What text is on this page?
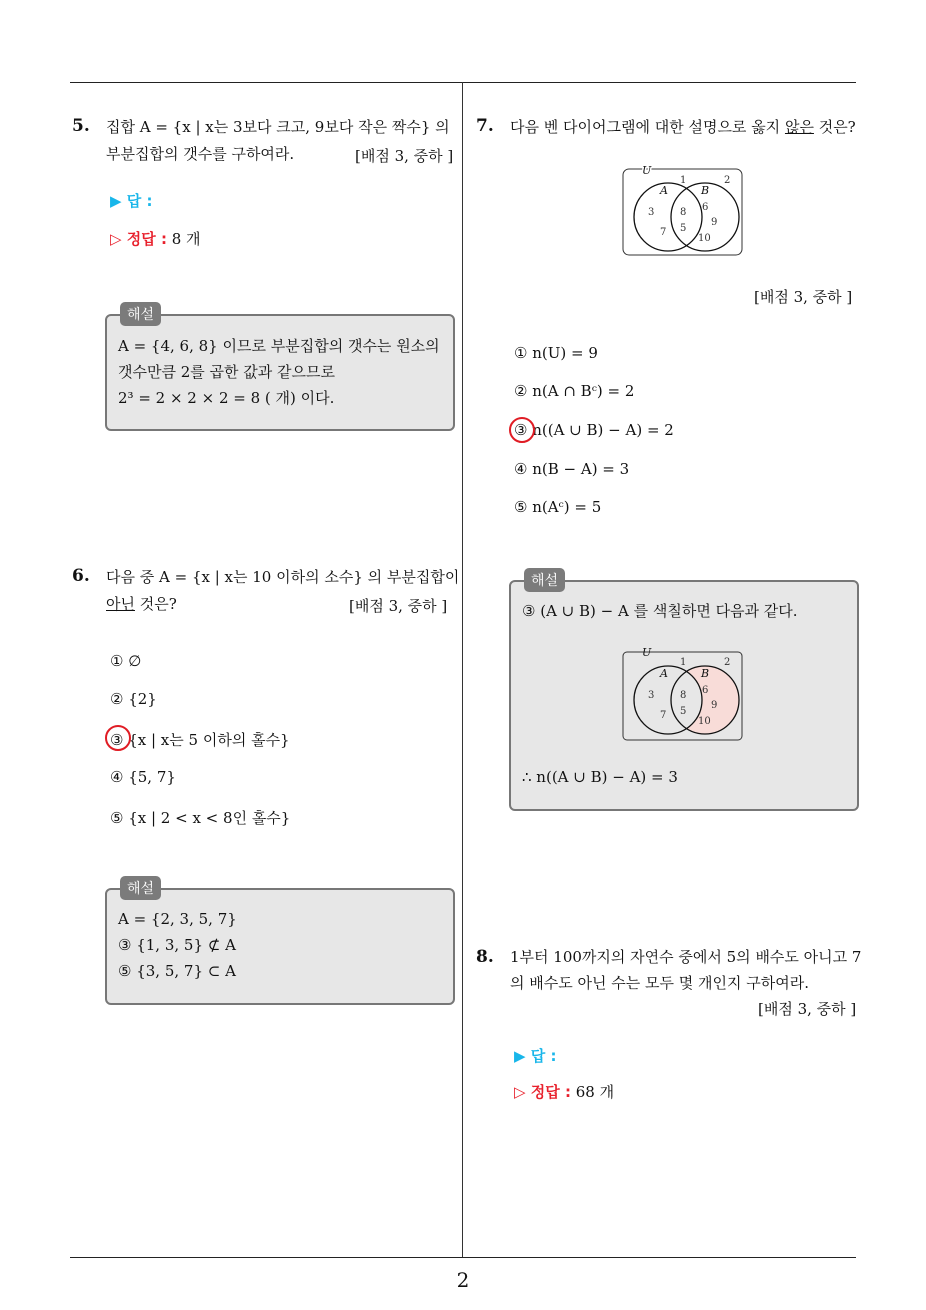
2
5. 집합 A = {x | x는 3보다 크고, 9보다 작은 짝수} 의
부분집합의 갯수를 구하여라.	[배점 3, 중하 ]
▶ 답 :
▷ 정답 : 8 개
해설
A = {4, 6, 8} 이므로 부분집합의 갯수는 원소의
갯수만큼 2를 곱한 값과 같으므로
2³ = 2 × 2 × 2 = 8 ( 개) 이다.
6. 다음 중 A = {x | x는 10 이하의 소수} 의 부분집합이
아닌 것은?	[배점 3, 중하 ]
① ∅
② {2}
③ {x | x는 5 이하의 홀수}
④ {5, 7}
⑤ {x | 2 < x < 8인 홀수}
해설
A = {2, 3, 5, 7}
③ {1, 3, 5} ⊄ A
⑤ {3, 5, 7} ⊂ A
7. 다음 벤 다이어그램에 대한 설명으로 옳지 않은 것은?
U
A	B
1	2
3
7
8
5
6
9
10
[배점 3, 중하 ]
① n(U) = 9
② n(A ∩ Bᶜ) = 2
③ n((A ∪ B) − A) = 2
④ n(B − A) = 3
⑤ n(Aᶜ) = 5
해설
③ (A ∪ B) − A 를 색칠하면 다음과 같다.
U
A	B
1	2
3
7
8
5
6
9
10
∴ n((A ∪ B) − A) = 3
8. 1부터 100까지의 자연수 중에서 5의 배수도 아니고 7
의 배수도 아닌 수는 모두 몇 개인지 구하여라.
[배점 3, 중하 ]
▶ 답 :
▷ 정답 : 68 개
